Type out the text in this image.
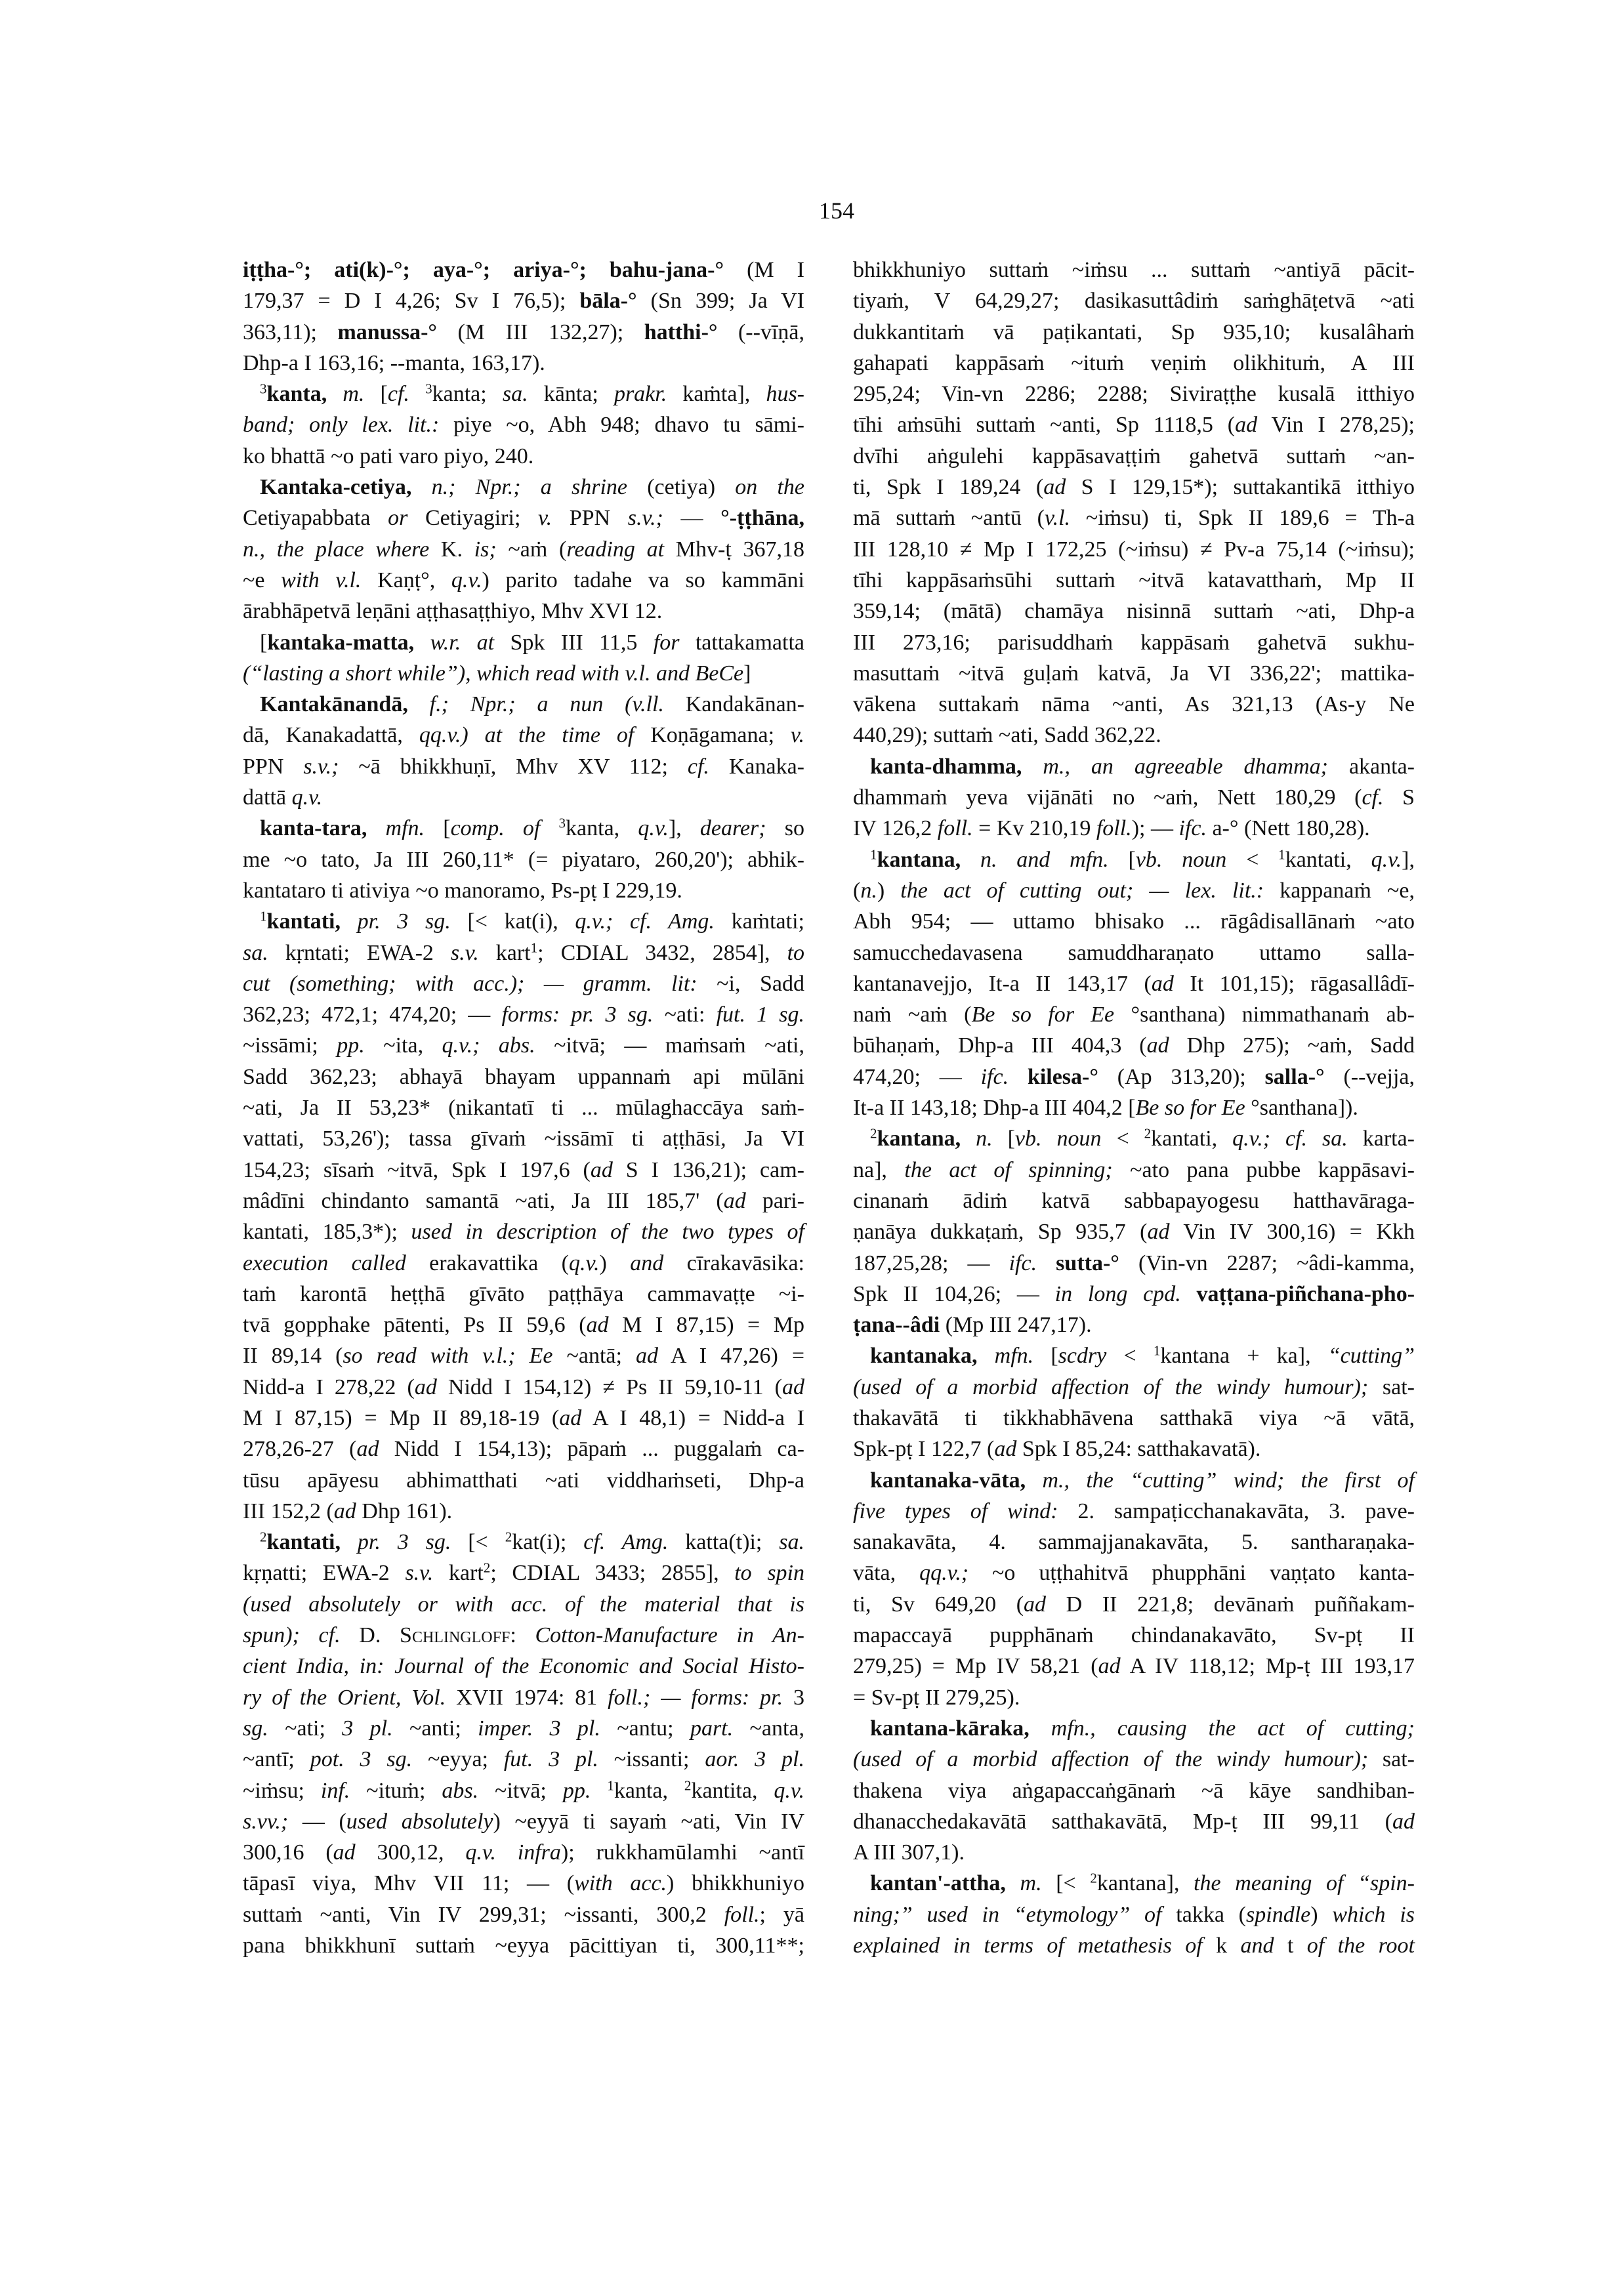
154
iṭṭha-°; ati(k)-°; aya-°; ariya-°; bahu-jana-° (M I
179,37 = D I 4,26; Sv I 76,5); bāla-° (Sn 399; Ja VI
363,11); manussa-° (M III 132,27); hatthi-° (--vīṇā,
Dhp-a I 163,16; --manta, 163,17).
$^3$kanta, m. [cf. $^3$kanta; sa. kānta; prakr. kaṁta], hus-
band; only lex. lit.: piye ~o, Abh 948; dhavo tu sāmi-
ko bhattā ~o pati varo piyo, 240.
Kantaka-cetiya, n.; Npr.; a shrine (cetiya) on the
Cetiyapabbata or Cetiyagiri; v. PPN s.v.; — °-ṭṭhāna,
n., the place where K. is; ~aṁ (reading at Mhv-ṭ 367,18
~e with v.l. Kaṇṭ°, q.v.) parito tadahe va so kammāni
ārabhāpetvā leṇāni aṭṭhasaṭṭhiyo, Mhv XVI 12.
[kantaka-matta, w.r. at Spk III 11,5 for tattakamatta
(“lasting a short while”), which read with v.l. and BeCe]
Kantakānandā, f.; Npr.; a nun (v.ll. Kandakānan-
dā, Kanakadattā, qq.v.) at the time of Koṇāgamana; v.
PPN s.v.; ~ā bhikkhuṇī, Mhv XV 112; cf. Kanaka-
dattā q.v.
kanta-tara, mfn. [comp. of $^3$kanta, q.v.], dearer; so
me ~o tato, Ja III 260,11* (= piyataro, 260,20'); abhik-
kantataro ti ativiya ~o manoramo, Ps-pṭ I 229,19.
$^1$kantati, pr. 3 sg. [< kat(i), q.v.; cf. Amg. kaṁtati;
sa. kṛntati; EWA-2 s.v. kart$^1$; CDIAL 3432, 2854], to
cut (something; with acc.); — gramm. lit: ~i, Sadd
362,23; 472,1; 474,20; — forms: pr. 3 sg. ~ati: fut. 1 sg.
~issāmi; pp. ~ita, q.v.; abs. ~itvā; — maṁsaṁ ~ati,
Sadd 362,23; abhayā bhayam uppannaṁ api mūlāni
~ati, Ja II 53,23* (nikantatī ti ... mūlaghaccāya saṁ-
vattati, 53,26'); tassa gīvaṁ ~issāmī ti aṭṭhāsi, Ja VI
154,23; sīsaṁ ~itvā, Spk I 197,6 (ad S I 136,21); cam-
mâdīni chindanto samantā ~ati, Ja III 185,7' (ad pari-
kantati, 185,3*); used in description of the two types of
execution called erakavattika (q.v.) and cīrakavāsika:
taṁ karontā heṭṭhā gīvāto paṭṭhāya cammavaṭṭe ~i-
tvā gopphake pātenti, Ps II 59,6 (ad M I 87,15) = Mp
II 89,14 (so read with v.l.; Ee ~antā; ad A I 47,26) =
Nidd-a I 278,22 (ad Nidd I 154,12) ≠ Ps II 59,10-11 (ad
M I 87,15) = Mp II 89,18-19 (ad A I 48,1) = Nidd-a I
278,26-27 (ad Nidd I 154,13); pāpaṁ ... puggalaṁ ca-
tūsu apāyesu abhimatthati ~ati viddhaṁseti, Dhp-a
III 152,2 (ad Dhp 161).
$^2$kantati, pr. 3 sg. [< $^2$kat(i); cf. Amg. katta(t)i; sa.
kṛṇatti; EWA-2 s.v. kart$^2$; CDIAL 3433; 2855], to spin
(used absolutely or with acc. of the material that is
spun); cf. D. Schlingloff: Cotton-Manufacture in An-
cient India, in: Journal of the Economic and Social Histo-
ry of the Orient, Vol. XVII 1974: 81 foll.; — forms: pr. 3
sg. ~ati; 3 pl. ~anti; imper. 3 pl. ~antu; part. ~anta,
~antī; pot. 3 sg. ~eyya; fut. 3 pl. ~issanti; aor. 3 pl.
~iṁsu; inf. ~ituṁ; abs. ~itvā; pp. $^1$kanta, $^2$kantita, q.v.
s.vv.; — (used absolutely) ~eyyā ti sayaṁ ~ati, Vin IV
300,16 (ad 300,12, q.v. infra); rukkhamūlamhi ~antī
tāpasī viya, Mhv VII 11; — (with acc.) bhikkhuniyo
suttaṁ ~anti, Vin IV 299,31; ~issanti, 300,2 foll.; yā
pana bhikkhunī suttaṁ ~eyya pācittiyan ti, 300,11**;
bhikkhuniyo suttaṁ ~iṁsu ... suttaṁ ~antiyā pācit-
tiyaṁ, V 64,29,27; dasikasuttâdiṁ saṁghāṭetvā ~ati
dukkantitaṁ vā paṭikantati, Sp 935,10; kusalâhaṁ
gahapati kappāsaṁ ~ituṁ veṇiṁ olikhituṁ, A III
295,24; Vin-vn 2286; 2288; Siviraṭṭhe kusalā itthiyo
tīhi aṁsūhi suttaṁ ~anti, Sp 1118,5 (ad Vin I 278,25);
dvīhi aṅgulehi kappāsavaṭṭiṁ gahetvā suttaṁ ~an-
ti, Spk I 189,24 (ad S I 129,15*); suttakantikā itthiyo
mā suttaṁ ~antū (v.l. ~iṁsu) ti, Spk II 189,6 = Th-a
III 128,10 ≠ Mp I 172,25 (~iṁsu) ≠ Pv-a 75,14 (~iṁsu);
tīhi kappāsaṁsūhi suttaṁ ~itvā katavatthaṁ, Mp II
359,14; (mātā) chamāya nisinnā suttaṁ ~ati, Dhp-a
III 273,16; parisuddhaṁ kappāsaṁ gahetvā sukhu-
masuttaṁ ~itvā guḷaṁ katvā, Ja VI 336,22'; mattika-
vākena suttakaṁ nāma ~anti, As 321,13 (As-y Ne
440,29); suttaṁ ~ati, Sadd 362,22.
kanta-dhamma, m., an agreeable dhamma; akanta-
dhammaṁ yeva vijānāti no ~aṁ, Nett 180,29 (cf. S
IV 126,2 foll. = Kv 210,19 foll.); — ifc. a-° (Nett 180,28).
$^1$kantana, n. and mfn. [vb. noun < $^1$kantati, q.v.],
(n.) the act of cutting out; — lex. lit.: kappanaṁ ~e,
Abh 954; — uttamo bhisako ... rāgâdisallānaṁ ~ato
samucchedavasena samuddharaṇato uttamo salla-
kantanavejjo, It-a II 143,17 (ad It 101,15); rāgasallâdī-
naṁ ~aṁ (Be so for Ee °santhana) nimmathanaṁ ab-
būhaṇaṁ, Dhp-a III 404,3 (ad Dhp 275); ~aṁ, Sadd
474,20; — ifc. kilesa-° (Ap 313,20); salla-° (--vejja,
It-a II 143,18; Dhp-a III 404,2 [Be so for Ee °santhana]).
$^2$kantana, n. [vb. noun < $^2$kantati, q.v.; cf. sa. karta-
na], the act of spinning; ~ato pana pubbe kappāsavi-
cinanaṁ ādiṁ katvā sabbapayogesu hatthavāraga-
ṇanāya dukkaṭaṁ, Sp 935,7 (ad Vin IV 300,16) = Kkh
187,25,28; — ifc. sutta-° (Vin-vn 2287; ~âdi-kamma,
Spk II 104,26; — in long cpd. vaṭṭana-piñchana-pho-
ṭana--âdi (Mp III 247,17).
kantanaka, mfn. [scdry < $^1$kantana + ka], “cutting”
(used of a morbid affection of the windy humour); sat-
thakavātā ti tikkhabhāvena satthakā viya ~ā vātā,
Spk-pṭ I 122,7 (ad Spk I 85,24: satthakavatā).
kantanaka-vāta, m., the “cutting” wind; the first of
five types of wind: 2. sampaṭicchanakavāta, 3. pave-
sanakavāta, 4. sammajjanakavāta, 5. santharaṇaka-
vāta, qq.v.; ~o uṭṭhahitvā phupphāni vaṇṭato kanta-
ti, Sv 649,20 (ad D II 221,8; devānaṁ puññakam-
mapaccayā pupphānaṁ chindanakavāto, Sv-pṭ II
279,25) = Mp IV 58,21 (ad A IV 118,12; Mp-ṭ III 193,17
= Sv-pṭ II 279,25).
kantana-kāraka, mfn., causing the act of cutting;
(used of a morbid affection of the windy humour); sat-
thakena viya aṅgapaccaṅgānaṁ ~ā kāye sandhiban-
dhanacchedakavātā satthakavātā, Mp-ṭ III 99,11 (ad
A III 307,1).
kantan'-attha, m. [< $^2$kantana], the meaning of “spin-
ning;” used in “etymology” of takka (spindle) which is
explained in terms of metathesis of k and t of the root
